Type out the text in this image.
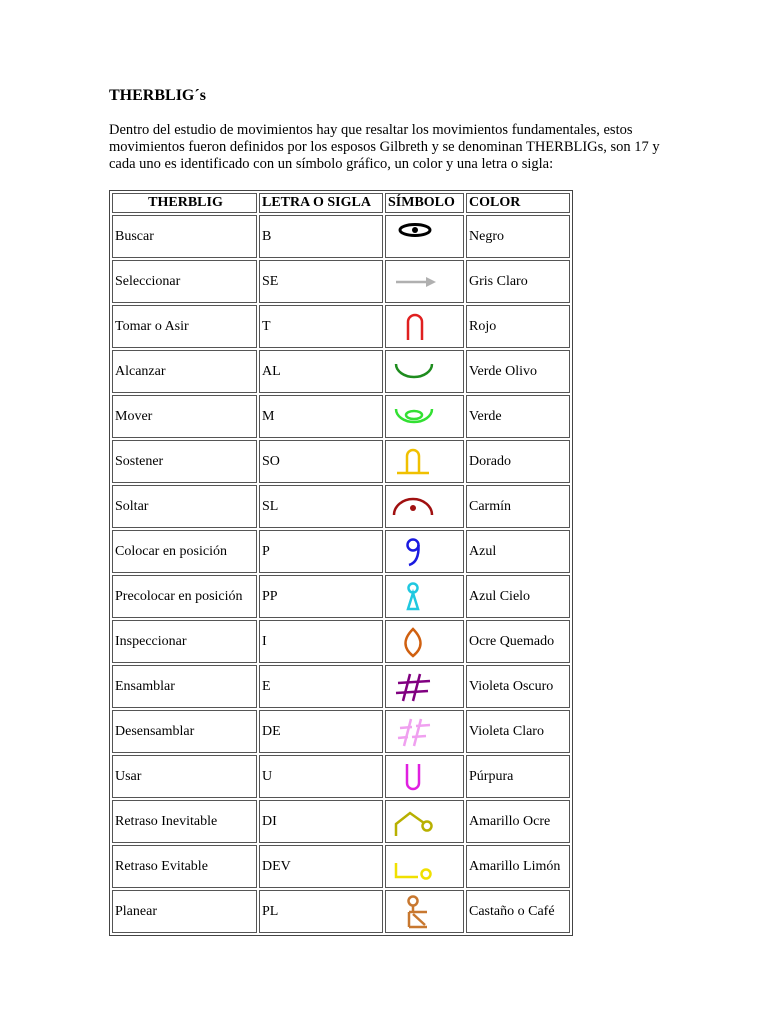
THERBLIG´s

Dentro del estudio de movimientos hay que resaltar los movimientos fundamentales, estos movimientos fueron definidos por los esposos Gilbreth y se denominan THERBLIGs, son 17 y cada uno es identificado con un símbolo gráfico, un color y una letra o sigla:

THERBLIG	LETRA O SIGLA	SÍMBOLO	COLOR
Buscar	B		Negro
Seleccionar	SE		Gris Claro
Tomar o Asir	T		Rojo
Alcanzar	AL		Verde Olivo
Mover	M		Verde
Sostener	SO		Dorado
Soltar	SL		Carmín
Colocar en posición	P		Azul
Precolocar en posición	PP		Azul Cielo
Inspeccionar	I		Ocre Quemado
Ensamblar	E		Violeta Oscuro
Desensamblar	DE		Violeta Claro
Usar	U		Púrpura
Retraso Inevitable	DI		Amarillo Ocre
Retraso Evitable	DEV		Amarillo Limón
Planear	PL		Castaño o Café
